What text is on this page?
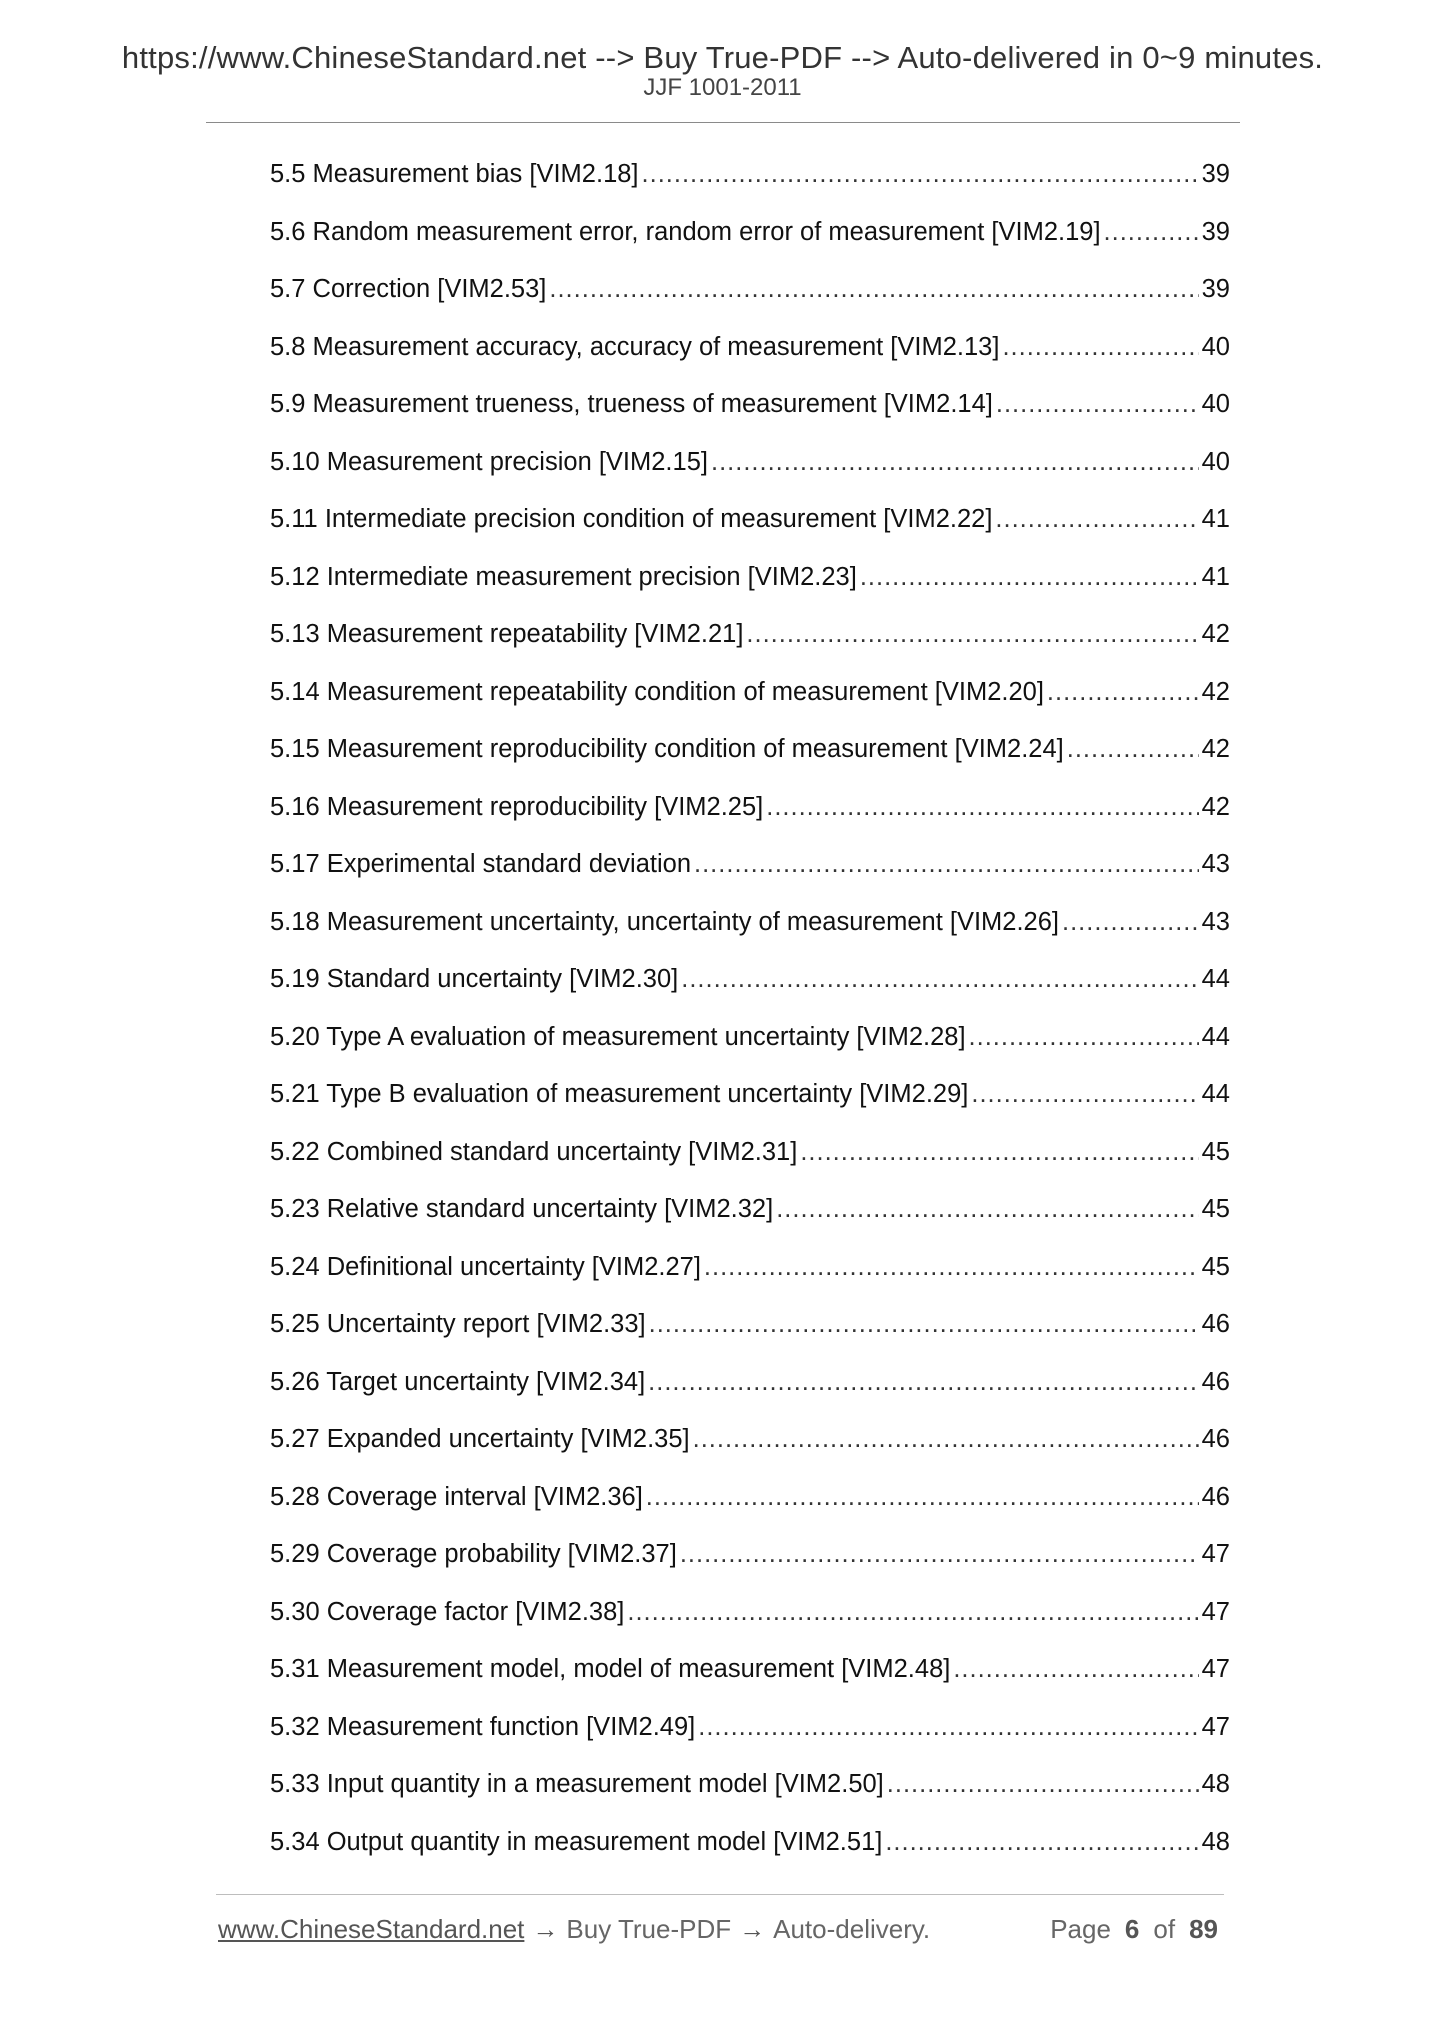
https://www.ChineseStandard.net --> Buy True-PDF --> Auto-delivered in 0~9 minutes.
JJF 1001-2011
5.5 Measurement bias [VIM2.18] .....	39
5.6 Random measurement error, random error of measurement [VIM2.19] .....	39
5.7 Correction [VIM2.53] .....	39
5.8 Measurement accuracy, accuracy of measurement [VIM2.13] .....	40
5.9 Measurement trueness, trueness of measurement [VIM2.14] .....	40
5.10 Measurement precision [VIM2.15] .....	40
5.11 Intermediate precision condition of measurement [VIM2.22] .....	41
5.12 Intermediate measurement precision [VIM2.23] .....	41
5.13 Measurement repeatability [VIM2.21] .....	42
5.14 Measurement repeatability condition of measurement [VIM2.20] .....	42
5.15 Measurement reproducibility condition of measurement [VIM2.24] .....	42
5.16 Measurement reproducibility [VIM2.25] .....	42
5.17 Experimental standard deviation .....	43
5.18 Measurement uncertainty, uncertainty of measurement [VIM2.26] .....	43
5.19 Standard uncertainty [VIM2.30] .....	44
5.20 Type A evaluation of measurement uncertainty [VIM2.28] .....	44
5.21 Type B evaluation of measurement uncertainty [VIM2.29] .....	44
5.22 Combined standard uncertainty [VIM2.31] .....	45
5.23 Relative standard uncertainty [VIM2.32] .....	45
5.24 Definitional uncertainty [VIM2.27] .....	45
5.25 Uncertainty report [VIM2.33] .....	46
5.26 Target uncertainty [VIM2.34] .....	46
5.27 Expanded uncertainty [VIM2.35] .....	46
5.28 Coverage interval [VIM2.36] .....	46
5.29 Coverage probability [VIM2.37] .....	47
5.30 Coverage factor [VIM2.38] .....	47
5.31 Measurement model, model of measurement [VIM2.48] .....	47
5.32 Measurement function [VIM2.49] .....	47
5.33 Input quantity in a measurement model [VIM2.50] .....	48
5.34 Output quantity in measurement model [VIM2.51] .....	48
www.ChineseStandard.net → Buy True-PDF → Auto-delivery.	Page 6 of 89
